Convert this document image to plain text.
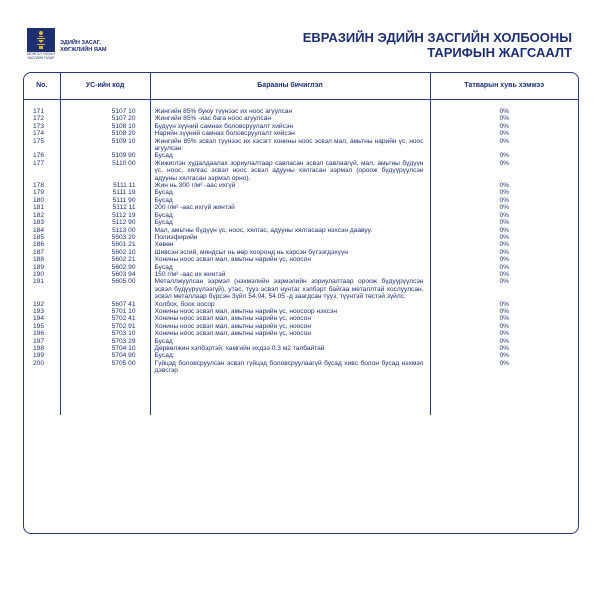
МОНГОЛ УЛСЫН ЗАСГИЙН ГАЗАР
ЭДИЙН ЗАСАГ,
ХӨГЖЛИЙН ЯАМ
ЕВРАЗИЙН ЭДИЙН ЗАСГИЙН ХОЛБООНЫ
ТАРИФЫН ЖАГСААЛТ
No.	УС-ийн код	Барааны бичиглэл	Татварын хувь хэмжээ

171	5107 10	Жингийн 85% буюу түүнээс их ноос агуулсан	0%
172	5107 20	Жингийн 85% -иас бага ноос агуулсан	0%
173	5108 10	Будүүн зүүний самнах боловсруулалт хийсэн	0%
174	5108 20	Нарийн зүүний самнах боловсруулалт хийсэн	0%
175	5109 10	Жингийн 85% эсвэл түүнээс их хэсэгт хонины ноос эсвэл мал, амьтны нарийн үс, ноос агуулсан	0%
176	5109 90	Бусад	0%
177	5110 00	Жижиглэн худалдаалах зориулалтаар савласан эсвэл савлаагүй, мал, амьтны бүдүүн үс, ноос, хялгас эсвэл ноос эсвэл адууны хялгасан ээрмэл (ороож бүдүүрүүлсэн адууны хялгасан ээрмэл орно).	0%
178	5111 11	Жин нь 300 г/м² -аас ихгүй	0%
179	5111 19	Бусад	0%
180	5111 90	Бусад	0%
181	5112 11	200 г/м² -аас ихгүй жинтэй	0%
182	5112 19	Бусад	0%
183	5112 90	Бусад	0%
184	5113 00	Мал, амьтны бүдүүн үс, ноос, хялгас, адууны хялгасаар нэхсэн даавуу.	0%
185	5503 20	Полиэфирийн	0%
186	5601 21	Хөвөн	0%
187	5602 10	Шивсэн эсгий, мяндсыг нь өөр хооронд нь хэрсэн бүтээгдэхүүн	0%
188	5602 21	Хонины ноос эсвэл мал, амьтны нарийн үс, ноосон	0%
189	5602 90	Бусад	0%
190	5603 94	150 г/м² -аас их жинтэй	0%
191	5605 00	Металлжуулсан ээрмэл (нэхмэлийн ээрмэлийн зориулалтаар ороож бүдүүрүүлсэн эсвэл бүдүүрүүлээгүй), утас, тууз эсвэл нунтаг хэлбэрт байгаа металлтай хослуулсан, эсвэл металлаар бүрсэн Зүйл 54.04, 54.05 -д заагдсан тууз, түүнтэй төстэй зүйлс.	0%
192	5607 41	Холбох, боох оосор	0%
193	5701 10	Хонины ноос эсвэл мал, амьтны нарийн үс, ноосоор нэхсэн	0%
194	5702 41	Хонины ноос эсвэл мал, амьтны нарийн үс, ноосон	0%
195	5702 91	Хонины ноос эсвэл мал, амьтны нарийн үс, ноосон	0%
196	5703 10	Хонины ноос эсвэл мал, амьтны нарийн үс, ноосон	0%
197	5703 29	Бусад	0%
198	5704 10	Дөрвөлжин хэлбэртэй, хамгийн ихдээ 0.3 м2 талбайтай	0%
199	5704 90	Бусад:	0%
200	5705 00	Гүйцэд боловсруулсан эсвэл гүйцэд боловсруулаагүй бусад хивс болон бусад нэхмэл дэвсгэр	0%
